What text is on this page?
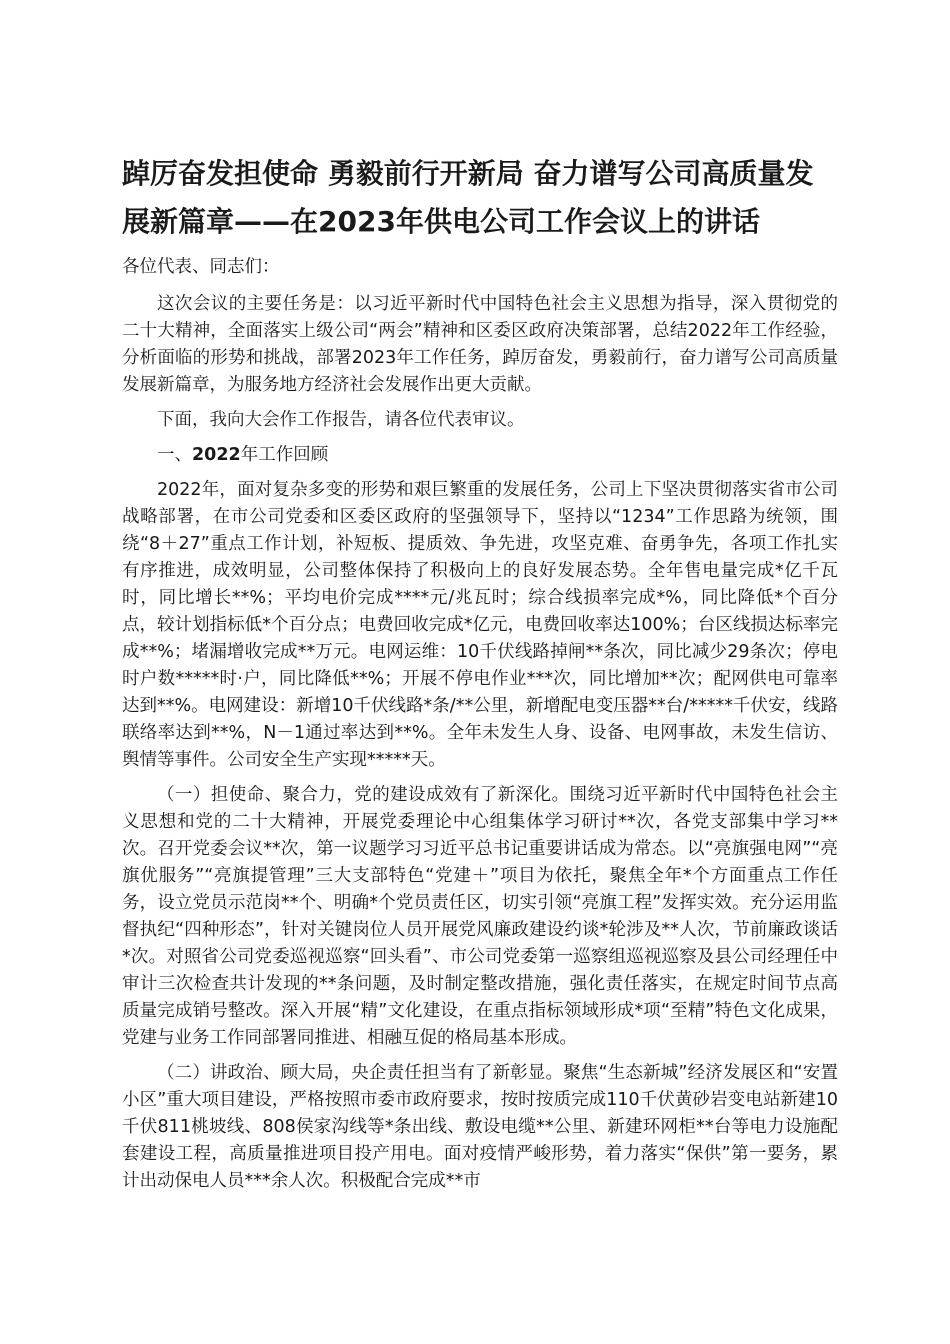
踔厉奋发担使命 勇毅前行开新局 奋力谱写公司高质量发展新篇章——在2023年供电公司工作会议上的讲话

各位代表、同志们：

这次会议的主要任务是：以习近平新时代中国特色社会主义思想为指导，深入贯彻党的二十大精神，全面落实上级公司“两会”精神和区委区政府决策部署，总结2022年工作经验，分析面临的形势和挑战，部署2023年工作任务，踔厉奋发，勇毅前行，奋力谱写公司高质量发展新篇章，为服务地方经济社会发展作出更大贡献。

下面，我向大会作工作报告，请各位代表审议。

一、2022年工作回顾

2022年，面对复杂多变的形势和艰巨繁重的发展任务，公司上下坚决贯彻落实省市公司战略部署，在市公司党委和区委区政府的坚强领导下，坚持以“1234”工作思路为统领，围绕“8＋27”重点工作计划，补短板、提质效、争先进，攻坚克难、奋勇争先，各项工作扎实有序推进，成效明显，公司整体保持了积极向上的良好发展态势。全年售电量完成*亿千瓦时，同比增长**%；平均电价完成****元/兆瓦时；综合线损率完成*%，同比降低*个百分点，较计划指标低*个百分点；电费回收完成*亿元，电费回收率达100%；台区线损达标率完成**%；堵漏增收完成**万元。电网运维：10千伏线路掉闸**条次，同比减少29条次；停电时户数*****时·户，同比降低**%；开展不停电作业***次，同比增加**次；配网供电可靠率达到**%。电网建设：新增10千伏线路*条/**公里，新增配电变压器**台/*****千伏安，线路联络率达到**%，N－1通过率达到**%。全年未发生人身、设备、电网事故，未发生信访、舆情等事件。公司安全生产实现*****天。

（一）担使命、聚合力，党的建设成效有了新深化。围绕习近平新时代中国特色社会主义思想和党的二十大精神，开展党委理论中心组集体学习研讨**次，各党支部集中学习**次。召开党委会议**次，第一议题学习习近平总书记重要讲话成为常态。以“亮旗强电网”“亮旗优服务”“亮旗提管理”三大支部特色“党建＋”项目为依托，聚焦全年*个方面重点工作任务，设立党员示范岗**个、明确*个党员责任区，切实引领“亮旗工程”发挥实效。充分运用监督执纪“四种形态”，针对关键岗位人员开展党风廉政建设约谈*轮涉及**人次，节前廉政谈话*次。对照省公司党委巡视巡察“回头看”、市公司党委第一巡察组巡视巡察及县公司经理任中审计三次检查共计发现的**条问题，及时制定整改措施，强化责任落实，在规定时间节点高质量完成销号整改。深入开展“精”文化建设，在重点指标领域形成*项“至精”特色文化成果，党建与业务工作同部署同推进、相融互促的格局基本形成。

（二）讲政治、顾大局，央企责任担当有了新彰显。聚焦“生态新城”经济发展区和“安置小区”重大项目建设，严格按照市委市政府要求，按时按质完成110千伏黄砂岩变电站新建10千伏811桃坡线、808侯家沟线等*条出线、敷设电缆**公里、新建环网柜**台等电力设施配套建设工程，高质量推进项目投产用电。面对疫情严峻形势，着力落实“保供”第一要务，累计出动保电人员***余人次。积极配合完成**市
